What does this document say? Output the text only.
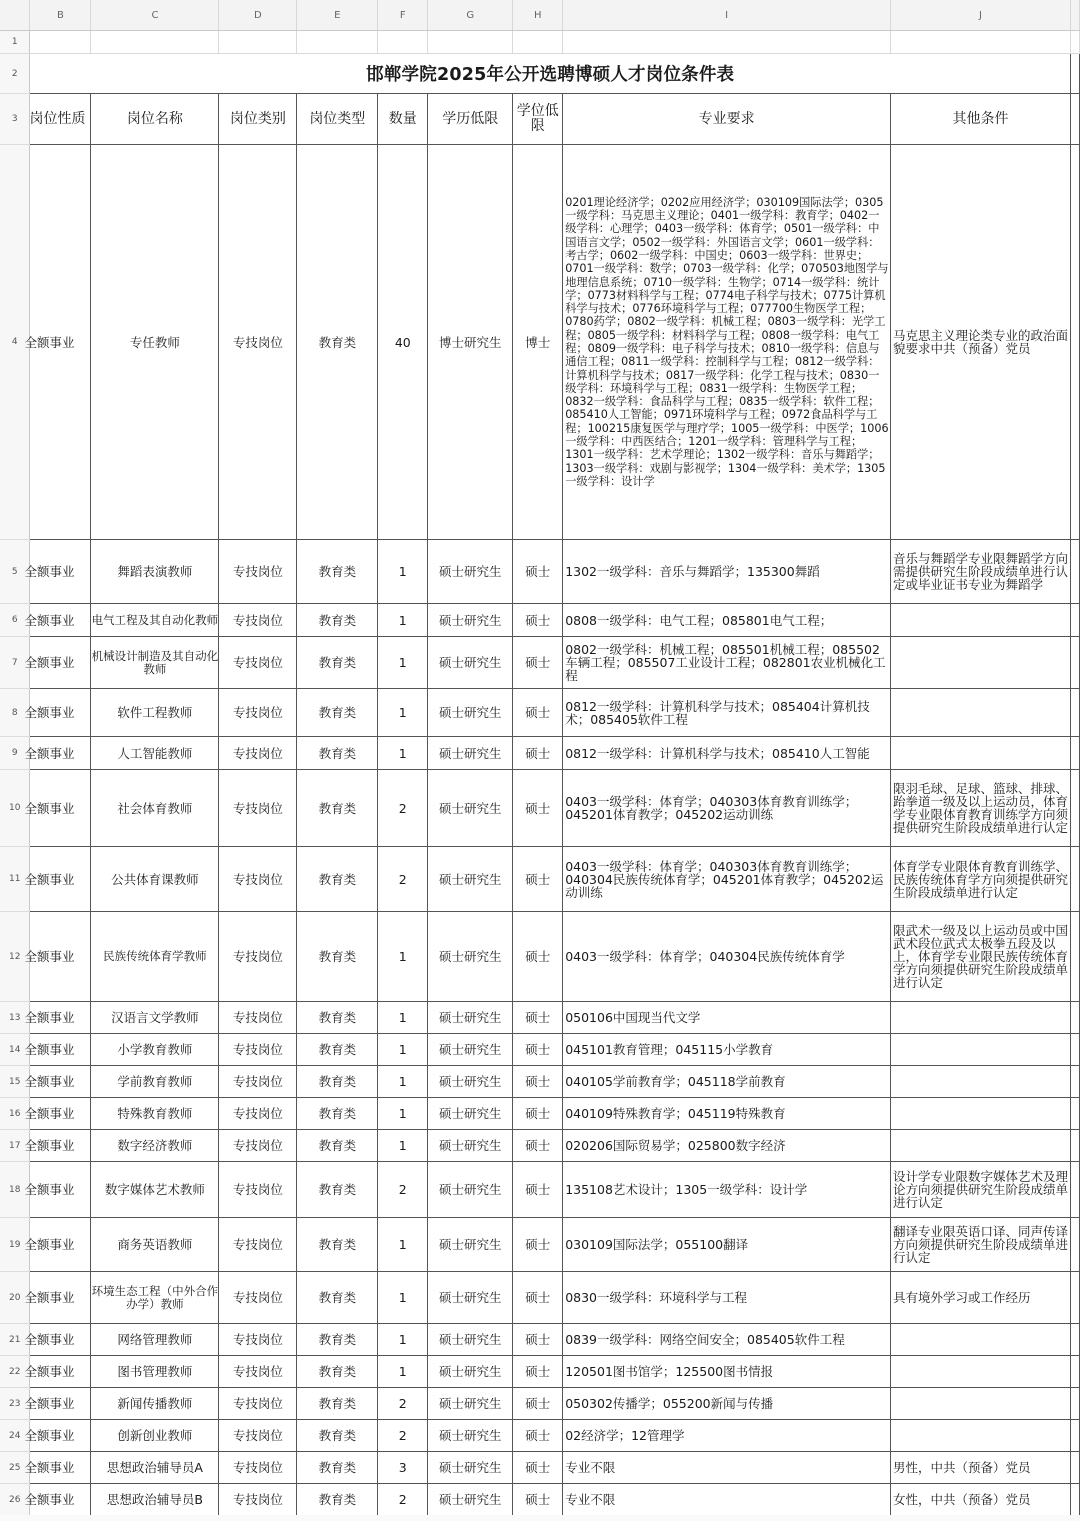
	B	C	D	E	F	G	H	I	J	
1										
2	邯郸学院2025年公开选聘博硕人才岗位条件表									
3	岗位性质	岗位名称	岗位类别	岗位类型	数量	学历低限	学位低限	专业要求	其他条件	
4	全额事业	专任教师	专技岗位	教育类	40	博士研究生	博士	0201理论经济学；0202应用经济学；030109国际法学；0305一级学科：马克思主义理论；0401一级学科：教育学；0402一级学科：心理学；0403一级学科：体育学；0501一级学科：中国语言文学；0502一级学科：外国语言文学；0601一级学科：考古学；0602一级学科：中国史；0603一级学科：世界史；0701一级学科：数学；0703一级学科：化学；070503地图学与地理信息系统；0710一级学科：生物学；0714一级学科：统计学；0773材料科学与工程；0774电子科学与技术；0775计算机科学与技术；0776环境科学与工程；077700生物医学工程；0780药学；0802一级学科：机械工程；0803一级学科：光学工程；0805一级学科：材料科学与工程；0808一级学科：电气工程；0809一级学科：电子科学与技术；0810一级学科：信息与通信工程；0811一级学科：控制科学与工程；0812一级学科：计算机科学与技术；0817一级学科：化学工程与技术；0830一级学科：环境科学与工程；0831一级学科：生物医学工程；0832一级学科：食品科学与工程；0835一级学科：软件工程；085410人工智能；0971环境科学与工程；0972食品科学与工程；100215康复医学与理疗学；1005一级学科：中医学；1006一级学科：中西医结合；1201一级学科：管理科学与工程；1301一级学科：艺术学理论；1302一级学科：音乐与舞蹈学；1303一级学科：戏剧与影视学；1304一级学科：美术学；1305一级学科：设计学	马克思主义理论类专业的政治面貌要求中共（预备）党员	
5	全额事业	舞蹈表演教师	专技岗位	教育类	1	硕士研究生	硕士	1302一级学科：音乐与舞蹈学；135300舞蹈	音乐与舞蹈学专业限舞蹈学方向需提供研究生阶段成绩单进行认定或毕业证书专业为舞蹈学	
6	全额事业	电气工程及其自动化教师	专技岗位	教育类	1	硕士研究生	硕士	0808一级学科：电气工程；085801电气工程；		
7	全额事业	机械设计制造及其自动化教师	专技岗位	教育类	1	硕士研究生	硕士	0802一级学科：机械工程；085501机械工程；085502车辆工程；085507工业设计工程；082801农业机械化工程		
8	全额事业	软件工程教师	专技岗位	教育类	1	硕士研究生	硕士	0812一级学科：计算机科学与技术；085404计算机技术；085405软件工程		
9	全额事业	人工智能教师	专技岗位	教育类	1	硕士研究生	硕士	0812一级学科：计算机科学与技术；085410人工智能		
10	全额事业	社会体育教师	专技岗位	教育类	2	硕士研究生	硕士	0403一级学科：体育学；040303体育教育训练学；045201体育教学；045202运动训练	限羽毛球、足球、篮球、排球、跆拳道一级及以上运动员，体育学专业限体育教育训练学方向须提供研究生阶段成绩单进行认定	
11	全额事业	公共体育课教师	专技岗位	教育类	2	硕士研究生	硕士	0403一级学科：体育学；040303体育教育训练学；040304民族传统体育学；045201体育教学；045202运动训练	体育学专业限体育教育训练学、民族传统体育学方向须提供研究生阶段成绩单进行认定	
12	全额事业	民族传统体育学教师	专技岗位	教育类	1	硕士研究生	硕士	0403一级学科：体育学；040304民族传统体育学	限武术一级及以上运动员或中国武术段位武式太极拳五段及以上，体育学专业限民族传统体育学方向须提供研究生阶段成绩单进行认定	
13	全额事业	汉语言文学教师	专技岗位	教育类	1	硕士研究生	硕士	050106中国现当代文学		
14	全额事业	小学教育教师	专技岗位	教育类	1	硕士研究生	硕士	045101教育管理；045115小学教育		
15	全额事业	学前教育教师	专技岗位	教育类	1	硕士研究生	硕士	040105学前教育学；045118学前教育		
16	全额事业	特殊教育教师	专技岗位	教育类	1	硕士研究生	硕士	040109特殊教育学；045119特殊教育		
17	全额事业	数字经济教师	专技岗位	教育类	1	硕士研究生	硕士	020206国际贸易学；025800数字经济		
18	全额事业	数字媒体艺术教师	专技岗位	教育类	2	硕士研究生	硕士	135108艺术设计；1305一级学科：设计学	设计学专业限数字媒体艺术及理论方向须提供研究生阶段成绩单进行认定	
19	全额事业	商务英语教师	专技岗位	教育类	1	硕士研究生	硕士	030109国际法学；055100翻译	翻译专业限英语口译、同声传译方向须提供研究生阶段成绩单进行认定	
20	全额事业	环境生态工程（中外合作办学）教师	专技岗位	教育类	1	硕士研究生	硕士	0830一级学科：环境科学与工程	具有境外学习或工作经历	
21	全额事业	网络管理教师	专技岗位	教育类	1	硕士研究生	硕士	0839一级学科：网络空间安全；085405软件工程		
22	全额事业	图书管理教师	专技岗位	教育类	1	硕士研究生	硕士	120501图书馆学；125500图书情报		
23	全额事业	新闻传播教师	专技岗位	教育类	2	硕士研究生	硕士	050302传播学；055200新闻与传播		
24	全额事业	创新创业教师	专技岗位	教育类	2	硕士研究生	硕士	02经济学；12管理学		
25	全额事业	思想政治辅导员A	专技岗位	教育类	3	硕士研究生	硕士	专业不限	男性，中共（预备）党员	
26	全额事业	思想政治辅导员B	专技岗位	教育类	2	硕士研究生	硕士	专业不限	女性，中共（预备）党员	
